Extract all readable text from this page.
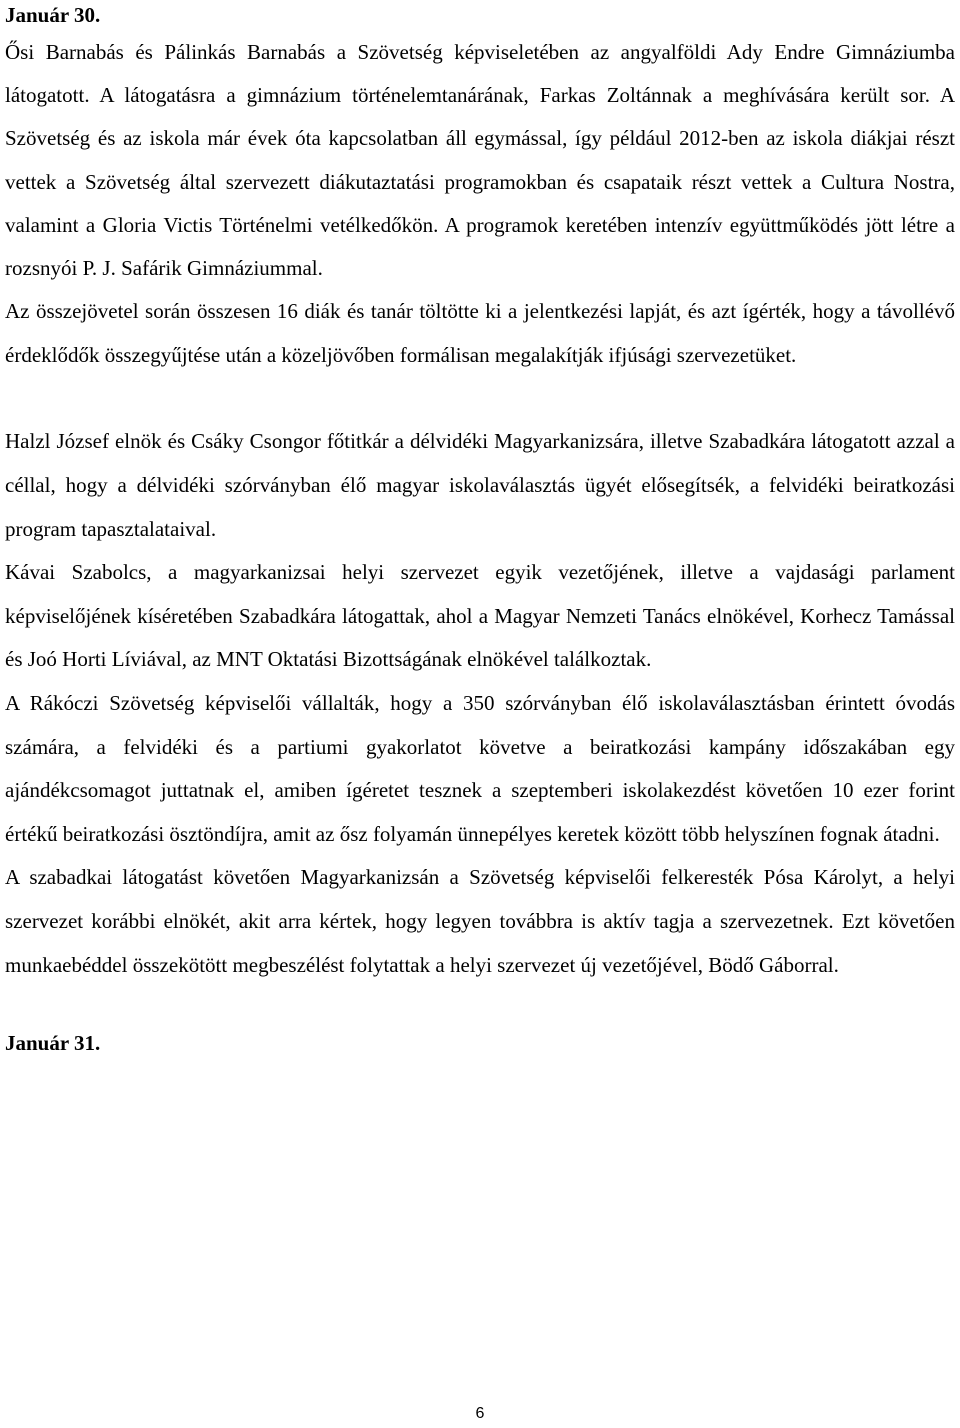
Január 30.

Ősi Barnabás és Pálinkás Barnabás a Szövetség képviseletében az angyalföldi Ady Endre Gimnáziumba látogatott. A látogatásra a gimnázium történelemtanárának, Farkas Zoltánnak a meghívására került sor. A Szövetség és az iskola már évek óta kapcsolatban áll egymással, így például 2012-ben az iskola diákjai részt vettek a Szövetség által szervezett diákutaztatási programokban és csapataik részt vettek a Cultura Nostra, valamint a Gloria Victis Történelmi vetélkedőkön. A programok keretében intenzív együttműködés jött létre a rozsnyói P. J. Safárik Gimnáziummal.

Az összejövetel során összesen 16 diák és tanár töltötte ki a jelentkezési lapját, és azt ígérték, hogy a távollévő érdeklődők összegyűjtése után a közeljövőben formálisan megalakítják ifjúsági szervezetüket.

Halzl József elnök és Csáky Csongor főtitkár a délvidéki Magyarkanizsára, illetve Szabadkára látogatott azzal a céllal, hogy a délvidéki szórványban élő magyar iskolaválasztás ügyét elősegítsék, a felvidéki beiratkozási program tapasztalataival.

Kávai Szabolcs, a magyarkanizsai helyi szervezet egyik vezetőjének, illetve a vajdasági parlament képviselőjének kíséretében Szabadkára látogattak, ahol a Magyar Nemzeti Tanács elnökével, Korhecz Tamással és Joó Horti Líviával, az MNT Oktatási Bizottságának elnökével találkoztak.

A Rákóczi Szövetség képviselői vállalták, hogy a 350 szórványban élő iskolaválasztásban érintett óvodás számára, a felvidéki és a partiumi gyakorlatot követve a beiratkozási kampány időszakában egy ajándékcsomagot juttatnak el, amiben ígéretet tesznek a szeptemberi iskolakezdést követően 10 ezer forint értékű beiratkozási ösztöndíjra, amit az ősz folyamán ünnepélyes keretek között több helyszínen fognak átadni.

A szabadkai látogatást követően Magyarkanizsán a Szövetség képviselői felkeresték Pósa Károlyt, a helyi szervezet korábbi elnökét, akit arra kértek, hogy legyen továbbra is aktív tagja a szervezetnek. Ezt követően munkaebéddel összekötött megbeszélést folytattak a helyi szervezet új vezetőjével, Bödő Gáborral.

Január 31.
6
